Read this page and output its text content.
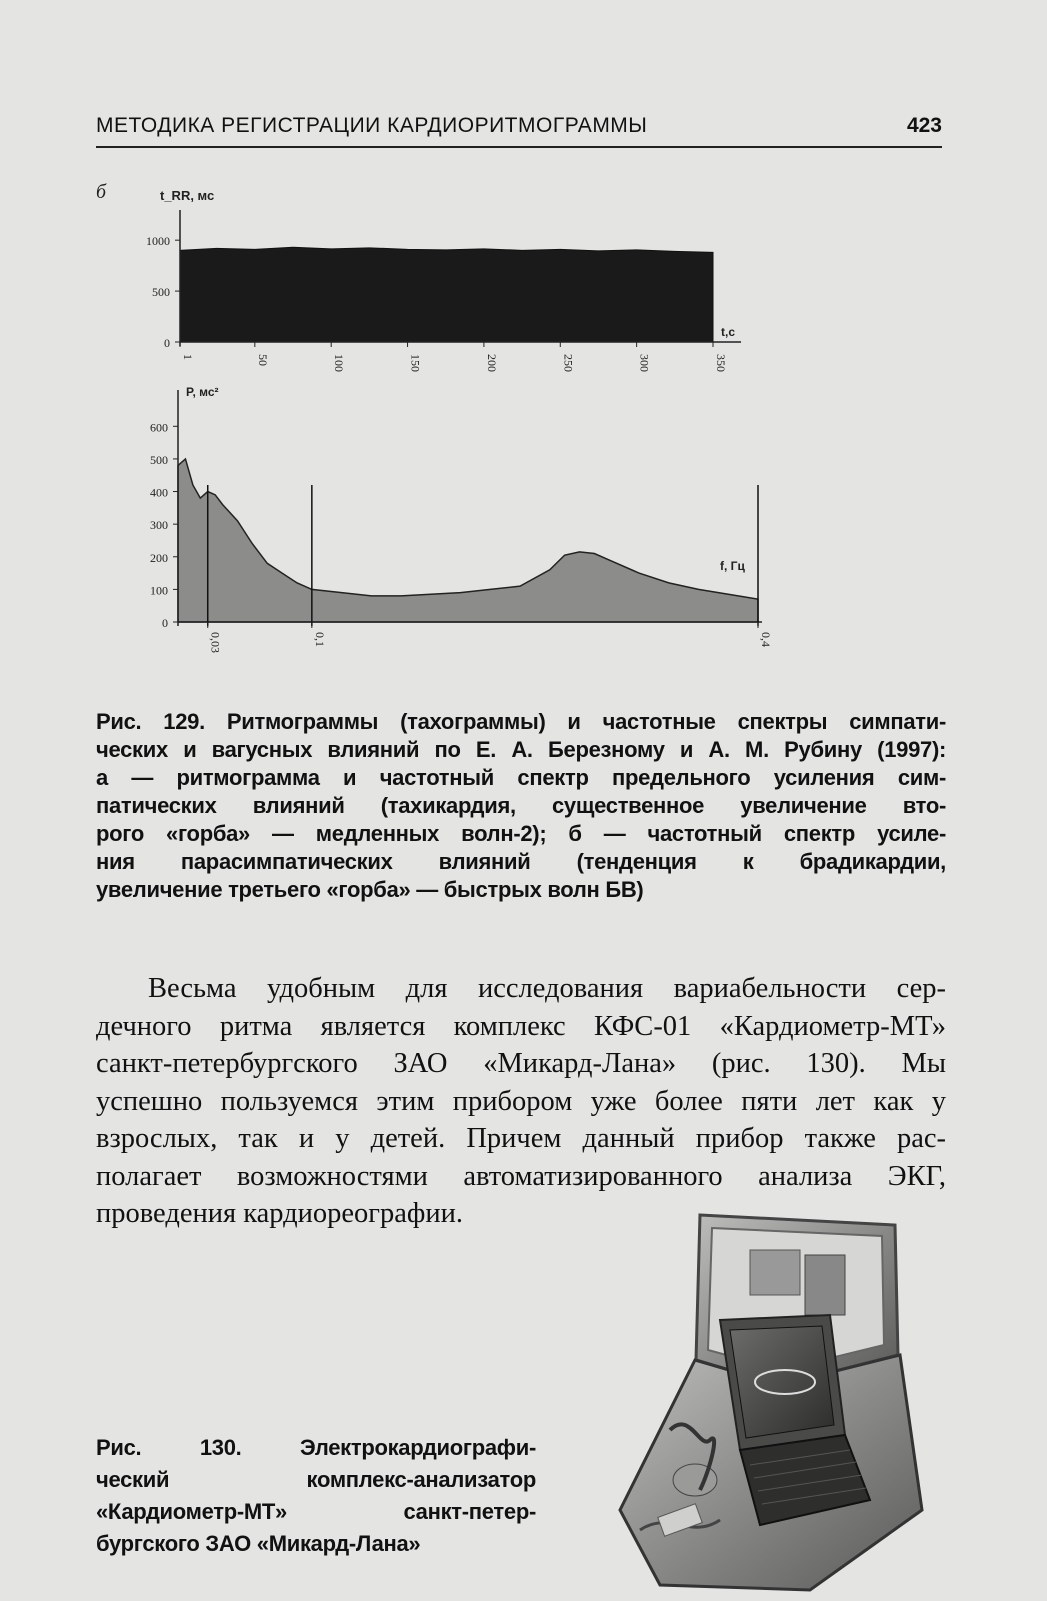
МЕТОДИКА РЕГИСТРАЦИИ КАРДИОРИТМОГРАММЫ	423
б
0
500
1000
1	50	100	150	200	250	300	350
t_RR, мс
t,c
0
100
200
300
400
500
600
0,03	0,1	0,4
P, мс²
f, Гц
Рис. 129. Ритмограммы (тахограммы) и частотные спектры симпати-
ческих и вагусных влияний по Е. А. Березному и А. М. Рубину (1997):
а — ритмограмма и частотный спектр предельного усиления сим-
патических влияний (тахикардия, существенное увеличение вто-
рого «горба» — медленных волн-2); б — частотный спектр усиле-
ния парасимпатических влияний (тенденция к брадикардии,
увеличение третьего «горба» — быстрых волн БВ)
Весьма удобным для исследования вариабельности сер-
дечного ритма является комплекс КФС-01 «Кардиометр-МТ»
санкт-петербургского ЗАО «Микард-Лана» (рис. 130). Мы
успешно пользуемся этим прибором уже более пяти лет как у
взрослых, так и у детей. Причем данный прибор также рас-
полагает возможностями автоматизированного анализа ЭКГ,
проведения кардиореографии.
Рис. 130. Электрокардиографи-
ческий комплекс-анализатор
«Кардиометр-МТ» санкт-петер-
бургского ЗАО «Микард-Лана»
